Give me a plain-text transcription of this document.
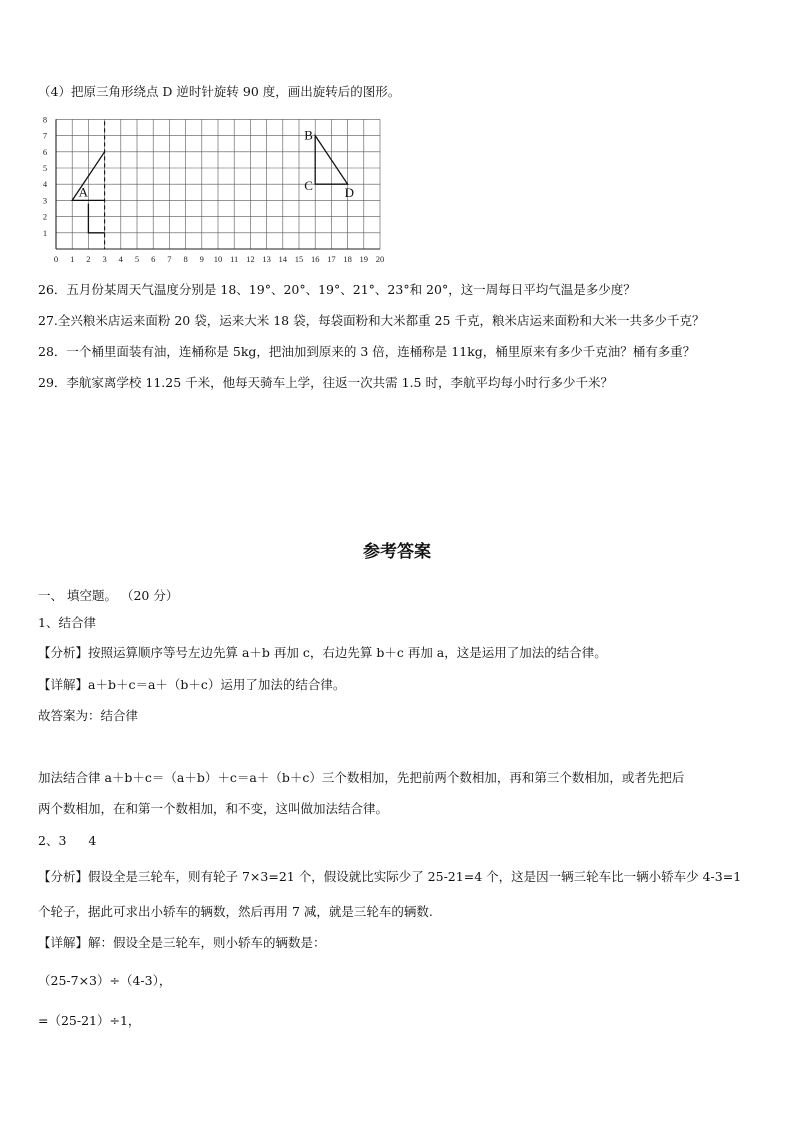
（4）把原三角形绕点 D 逆时针旋转 90 度，画出旋转后的图形。
0 1 2 3 4 5 6 7 8 9 10 11 12 13 14 15 16 17 18 19 20
1
2
3
4
5
6
7
8
A
B
C D
26．五月份某周天气温度分别是 18、19°、20°、19°、21°、23°和 20°，这一周每日平均气温是多少度？
27.全兴粮米店运来面粉 20 袋，运来大米 18 袋，每袋面粉和大米都重 25 千克，粮米店运来面粉和大米一共多少千克？
28．一个桶里面装有油，连桶称是 5kg，把油加到原来的 3 倍，连桶称是 11kg，桶里原来有多少千克油？桶有多重？
29．李航家离学校 11.25 千米，他每天骑车上学，往返一次共需 1.5 时，李航平均每小时行多少千米？
参考答案
一、 填空题。 （20 分）
1、结合律
【分析】按照运算顺序等号左边先算 a＋b 再加 c，右边先算 b＋c 再加 a，这是运用了加法的结合律。
【详解】a＋b＋c＝a＋（b＋c）运用了加法的结合律。
故答案为：结合律
加法结合律 a＋b＋c＝（a＋b）＋c＝a＋（b＋c）三个数相加，先把前两个数相加，再和第三个数相加，或者先把后
两个数相加，在和第一个数相加，和不变，这叫做加法结合律。
2、3 4
【分析】假设全是三轮车，则有轮子 7×3=21 个，假设就比实际少了 25-21=4 个，这是因一辆三轮车比一辆小轿车少 4-3=1
个轮子，据此可求出小轿车的辆数，然后再用 7 减，就是三轮车的辆数.
【详解】解：假设全是三轮车，则小轿车的辆数是：
（25-7×3）÷（4-3），
=（25-21）÷1，
